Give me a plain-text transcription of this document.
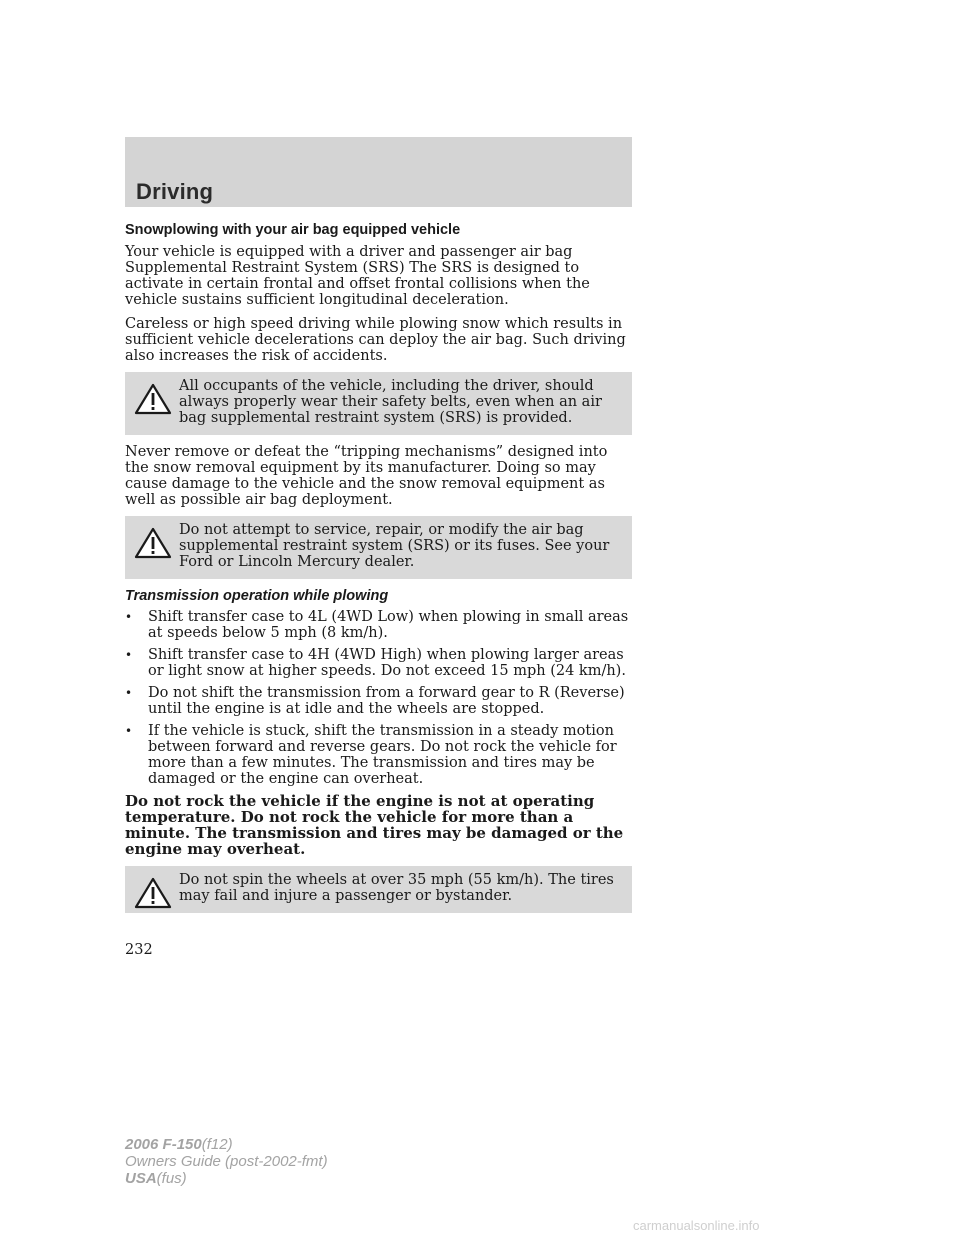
Driving
Snowplowing with your air bag equipped vehicle

Your vehicle is equipped with a driver and passenger air bag Supplemental Restraint System (SRS) The SRS is designed to activate in certain frontal and offset frontal collisions when the vehicle sustains sufficient longitudinal deceleration.

Careless or high speed driving while plowing snow which results in sufficient vehicle decelerations can deploy the air bag. Such driving also increases the risk of accidents.

All occupants of the vehicle, including the driver, should always properly wear their safety belts, even when an air bag supplemental restraint system (SRS) is provided.

Never remove or defeat the “tripping mechanisms” designed into the snow removal equipment by its manufacturer. Doing so may cause damage to the vehicle and the snow removal equipment as well as possible air bag deployment.

Do not attempt to service, repair, or modify the air bag supplemental restraint system (SRS) or its fuses. See your Ford or Lincoln Mercury dealer.
Transmission operation while plowing
• Shift transfer case to 4L (4WD Low) when plowing in small areas at speeds below 5 mph (8 km/h).
• Shift transfer case to 4H (4WD High) when plowing larger areas or light snow at higher speeds. Do not exceed 15 mph (24 km/h).
• Do not shift the transmission from a forward gear to R (Reverse) until the engine is at idle and the wheels are stopped.
• If the vehicle is stuck, shift the transmission in a steady motion between forward and reverse gears. Do not rock the vehicle for more than a few minutes. The transmission and tires may be damaged or the engine can overheat.

Do not rock the vehicle if the engine is not at operating temperature. Do not rock the vehicle for more than a minute. The transmission and tires may be damaged or the engine may overheat.

Do not spin the wheels at over 35 mph (55 km/h). The tires may fail and injure a passenger or bystander.
232
2006 F-150(f12)
Owners Guide (post-2002-fmt)
USA(fus)
carmanualsonline.info
